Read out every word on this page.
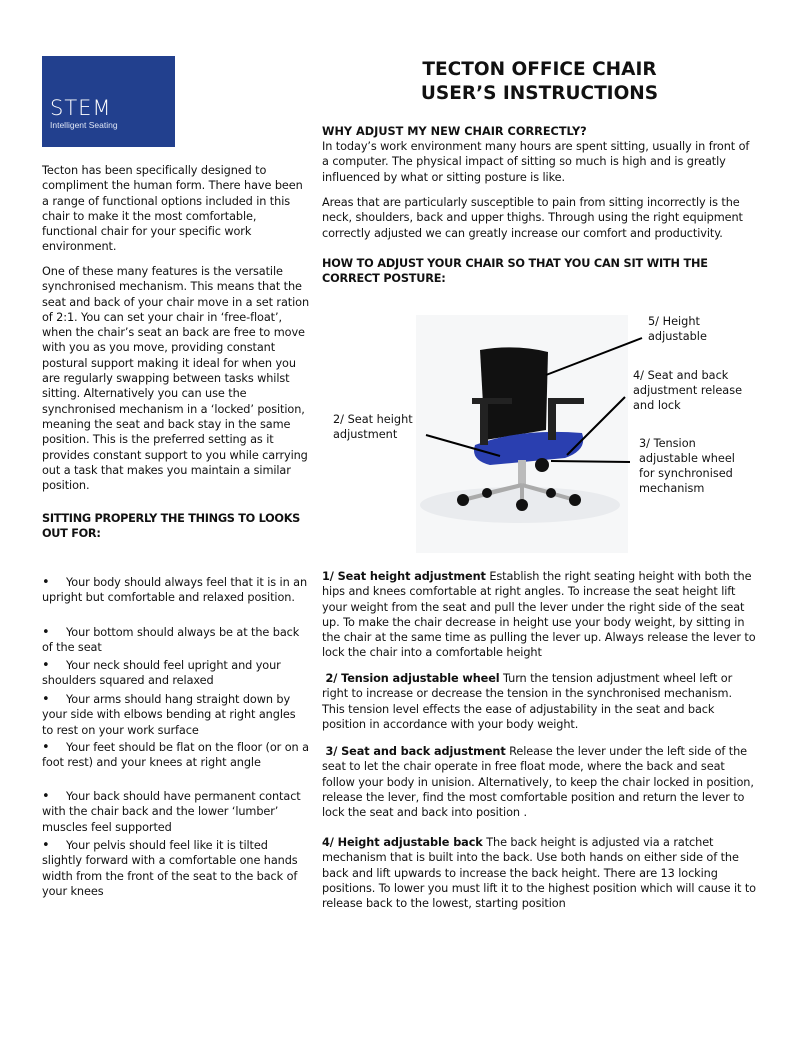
STEM
Intelligent Seating
TECTON OFFICE CHAIR USER’S INSTRUCTIONS
Tecton has been specifically designed to compliment the human form. There have been a range of functional options included in this chair to make it the most comfortable, functional chair for your specific work environment.
One of these many features is the versatile synchronised mechanism. This means that the seat and back of your chair move in a set ration of 2:1. You can set your chair in ‘free-float’, when the chair’s seat an back are free to move with you as you move, providing constant postural support making it ideal for when you are regularly swapping between tasks whilst sitting. Alternatively you can use the synchronised mechanism in a ‘locked’ position, meaning the seat and back stay in the same position. This is the preferred setting as it provides constant support to you while carrying out a task that makes you maintain a similar position.
SITTING PROPERLY THE THINGS TO LOOKS OUT FOR:
• Your body should always feel that it is in an upright but comfortable and relaxed position.
• Your bottom should always be at the back of the seat
• Your neck should feel upright and your shoulders squared and relaxed
• Your arms should hang straight down by your side with elbows bending at right angles to rest on your work surface
• Your feet should be flat on the floor (or on a foot rest) and your knees at right angle
• Your back should have permanent contact with the chair back and the lower ‘lumber’ muscles feel supported
• Your pelvis should feel like it is tilted slightly forward with a comfortable one hands width from the front of the seat to the back of your knees
WHY ADJUST MY NEW CHAIR CORRECTLY?
In today’s work environment many hours are spent sitting, usually in front of a computer. The physical impact of sitting so much is high and is greatly influenced by what or sitting posture is like.
Areas that are particularly susceptible to pain from sitting incorrectly is the neck, shoulders, back and upper thighs. Through using the right equipment correctly adjusted we can greatly increase our comfort and productivity.
HOW TO ADJUST YOUR CHAIR SO THAT YOU CAN SIT WITH THE CORRECT POSTURE:
5/ Height adjustable
4/ Seat and back adjustment release and lock
2/ Seat height adjustment
3/ Tension adjustable wheel for synchronised mechanism
1/ Seat height adjustment Establish the right seating height with both the hips and knees comfortable at right angles. To increase the seat height lift your weight from the seat and pull the lever under the right side of the seat up. To make the chair decrease in height use your body weight, by sitting in the chair at the same time as pulling the lever up. Always release the lever to lock the chair into a comfortable height
2/ Tension adjustable wheel Turn the tension adjustment wheel left or right to increase or decrease the tension in the synchronised mechanism. This tension level effects the ease of adjustability in the seat and back position in accordance with your body weight.
3/ Seat and back adjustment Release the lever under the left side of the seat to let the chair operate in free float mode, where the back and seat follow your body in unision. Alternatively, to keep the chair locked in position, release the lever, find the most comfortable position and return the lever to lock the seat and back into position .
4/ Height adjustable back The back height is adjusted via a ratchet mechanism that is built into the back. Use both hands on either side of the back and lift upwards to increase the back height. There are 13 locking positions. To lower you must lift it to the highest position which will cause it to release back to the lowest, starting position
